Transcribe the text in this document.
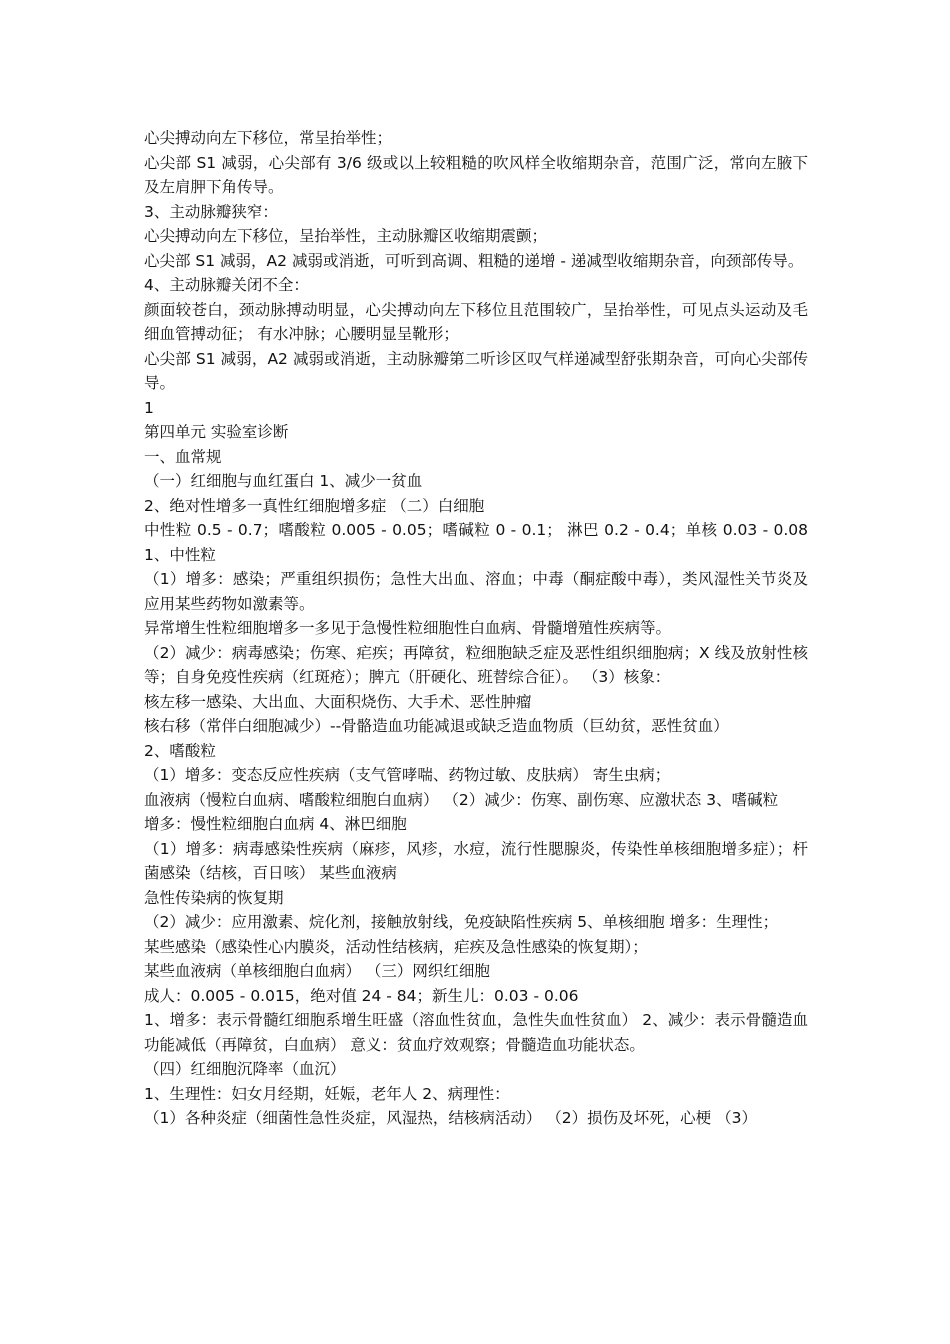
心尖搏动向左下移位，常呈抬举性；

心尖部 S1 减弱，心尖部有 3/6 级或以上较粗糙的吹风样全收缩期杂音，范围广泛，常向左腋下及左肩胛下角传导。

3、主动脉瓣狭窄：

心尖搏动向左下移位，呈抬举性，主动脉瓣区收缩期震颤；

心尖部 S1 减弱，A2 减弱或消逝，可听到高调、粗糙的递增 - 递减型收缩期杂音，向颈部传导。

4、主动脉瓣关闭不全：

颜面较苍白，颈动脉搏动明显，心尖搏动向左下移位且范围较广，呈抬举性，可见点头运动及毛细血管搏动征； 有水冲脉；心腰明显呈靴形；

心尖部 S1 减弱，A2 减弱或消逝，主动脉瓣第二听诊区叹气样递减型舒张期杂音，可向心尖部传导。

1

第四单元 实验室诊断

一、血常规

（一）红细胞与血红蛋白 1、减少一贫血

2、绝对性增多一真性红细胞增多症 （二）白细胞

中性粒 0.5 - 0.7；嗜酸粒 0.005 - 0.05；嗜碱粒 0 - 0.1； 淋巴 0.2 - 0.4；单核 0.03 - 0.08 1、中性粒

（1）增多：感染；严重组织损伤；急性大出血、溶血；中毒（酮症酸中毒），类风湿性关节炎及应用某些药物如激素等。

异常增生性粒细胞增多一多见于急慢性粒细胞性白血病、骨髓增殖性疾病等。

（2）减少：病毒感染；伤寒、疟疾；再障贫，粒细胞缺乏症及恶性组织细胞病；X 线及放射性核等；自身免疫性疾病（红斑疮）；脾亢（肝硬化、班替综合征）。 （3）核象：

核左移一感染、大出血、大面积烧伤、大手术、恶性肿瘤

核右移（常伴白细胞减少）--骨骼造血功能减退或缺乏造血物质（巨幼贫，恶性贫血）

2、嗜酸粒

（1）增多：变态反应性疾病（支气管哮喘、药物过敏、皮肤病） 寄生虫病；

血液病（慢粒白血病、嗜酸粒细胞白血病） （2）减少：伤寒、副伤寒、应激状态 3、嗜碱粒

增多：慢性粒细胞白血病 4、淋巴细胞

（1）增多：病毒感染性疾病（麻疹，风疹，水痘，流行性腮腺炎，传染性单核细胞增多症）；杆菌感染（结核，百日咳） 某些血液病

急性传染病的恢复期

（2）减少：应用激素、烷化剂，接触放射线，免疫缺陷性疾病 5、单核细胞 增多：生理性；

某些感染（感染性心内膜炎，活动性结核病，疟疾及急性感染的恢复期）；

某些血液病（单核细胞白血病） （三）网织红细胞

成人：0.005 - 0.015，绝对值 24 - 84；新生儿：0.03 - 0.06

1、增多：表示骨髓红细胞系增生旺盛（溶血性贫血，急性失血性贫血） 2、减少：表示骨髓造血功能减低（再障贫，白血病） 意义：贫血疗效观察；骨髓造血功能状态。

（四）红细胞沉降率（血沉）

1、生理性：妇女月经期，妊娠，老年人 2、病理性：

（1）各种炎症（细菌性急性炎症，风湿热，结核病活动） （2）损伤及坏死，心梗 （3）
